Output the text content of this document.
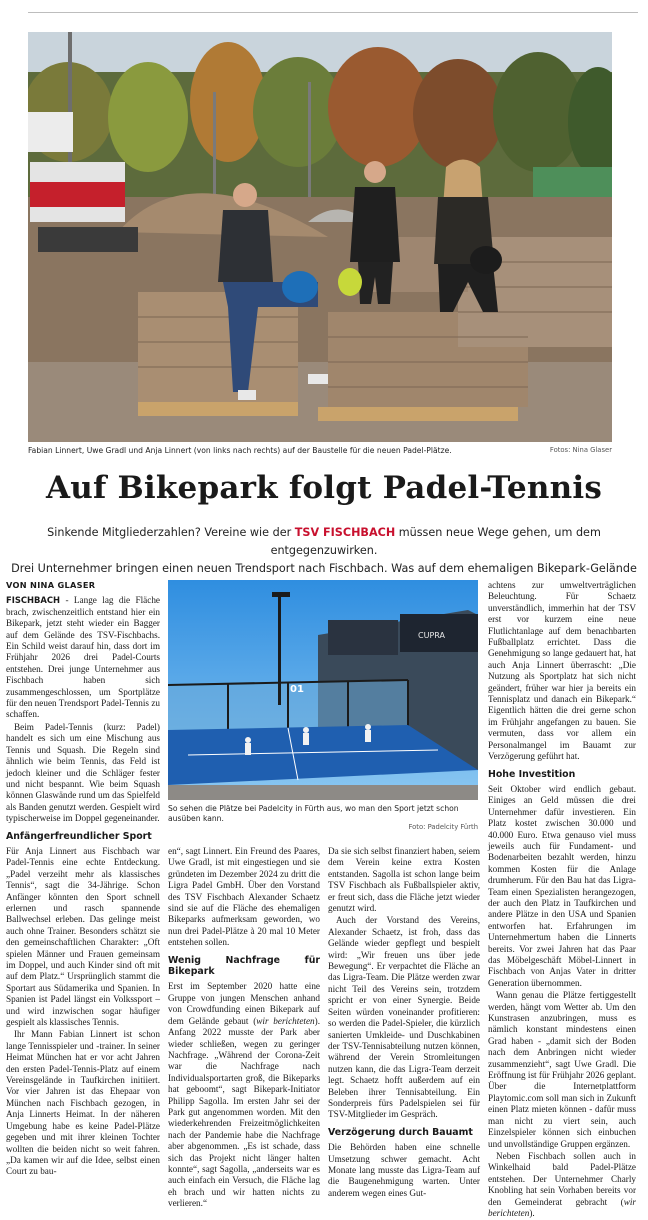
Fabian Linnert, Uwe Gradl und Anja Linnert (von links nach rechts) auf der Baustelle für die neuen Padel-Plätze.	Fotos: Nina Glaser
Auf Bikepark folgt Padel-Tennis
Sinkende Mitgliederzahlen? Vereine wie der TSV FISCHBACH müssen neue Wege gehen, um dem entgegenzuwirken.
Drei Unternehmer bringen einen neuen Trendsport nach Fischbach. Was auf dem ehemaligen Bikepark-Gelände
VON NINA GLASER

FISCHBACH - Lange lag die Fläche brach, zwischenzeitlich entstand hier ein Bikepark, jetzt steht wieder ein Bagger auf dem Gelände des TSV-Fischbachs. Ein Schild weist darauf hin, dass dort im Frühjahr 2026 drei Padel-Courts entstehen. Drei junge Unternehmer aus Fischbach haben sich zusammengeschlossen, um Sportplätze für den neuen Trendsport Padel-Tennis zu schaffen.

Beim Padel-Tennis (kurz: Padel) handelt es sich um eine Mischung aus Tennis und Squash. Die Regeln sind ähnlich wie beim Tennis, das Feld ist jedoch kleiner und die Schläger fester und nicht bespannt. Wie beim Squash können Glaswände rund um das Spielfeld als Banden genutzt werden. Gespielt wird typischerweise im Doppel gegeneinander.

Anfängerfreundlicher Sport

Für Anja Linnert aus Fischbach war Padel-Tennis eine echte Entdeckung. „Padel verzeiht mehr als klassisches Tennis“, sagt die 34-Jährige. Schon Anfänger könnten den Sport schnell erlernen und rasch spannende Ballwechsel erleben. Das gelinge meist auch ohne Trainer. Besonders schätzt sie den gemeinschaftlichen Charakter: „Oft spielen Männer und Frauen gemeinsam im Doppel, und auch Kinder sind oft mit auf dem Platz.“ Ursprünglich stammt die Sportart aus Südamerika und Spanien. In Spanien ist Padel längst ein Volkssport – und wird inzwischen sogar häufiger gespielt als klassisches Tennis.

Ihr Mann Fabian Linnert ist schon lange Tennisspieler und -trainer. In seiner Heimat München hat er vor acht Jahren den ersten Padel-Tennis-Platz auf einem Vereinsgelände in Taufkirchen initiiert. Vor vier Jahren ist das Ehepaar von München nach Fischbach gezogen, in Anja Linnerts Heimat. In der näheren Umgebung habe es keine Padel-Plätze gegeben und mit ihrer kleinen Tochter wollten die beiden nicht so weit fahren. „Da kamen wir auf die Idee, selbst einen Court zu bau-

CUPRA
01
So sehen die Plätze bei Padelcity in Fürth aus, wo man den Sport jetzt schon ausüben kann.
Foto: Padelcity Fürth

en“, sagt Linnert. Ein Freund des Paares, Uwe Gradl, ist mit eingestiegen und sie gründeten im Dezember 2024 zu dritt die Ligra Padel GmbH. Über den Vorstand des TSV Fischbach Alexander Schaetz sind sie auf die Fläche des ehemaligen Bikeparks aufmerksam geworden, wo nun drei Padel-Plätze à 20 mal 10 Meter entstehen sollen.

Wenig Nachfrage für Bikepark

Erst im September 2020 hatte eine Gruppe von jungen Menschen anhand von Crowdfunding einen Bikepark auf dem Gelände gebaut (wir berichteten). Anfang 2022 musste der Park aber wieder schließen, wegen zu geringer Nachfrage. „Während der Corona-Zeit war die Nachfrage nach Individualsportarten groß, die Bikeparks hat geboomt“, sagt Bikepark-Initiator Philipp Sagolla. Im ersten Jahr sei der Park gut angenommen worden. Mit den wiederkehrenden Freizeitmöglichkeiten nach der Pandemie habe die Nachfrage aber abgenommen. „Es ist schade, dass sich das Projekt nicht länger halten konnte“, sagt Sagolla, „anderseits war es auch einfach ein Versuch, die Fläche lag eh brach und wir hatten nichts zu verlieren.“

Da sie sich selbst finanziert haben, seiem dem Verein keine extra Kosten entstanden. Sagolla ist schon lange beim TSV Fischbach als Fußballspieler aktiv, er freut sich, dass die Fläche jetzt wieder genutzt wird.

Auch der Vorstand des Vereins, Alexander Schaetz, ist froh, dass das Gelände wieder gepflegt und bespielt wird: „Wir freuen uns über jede Bewegung“. Er verpachtet die Fläche an das Ligra-Team. Die Plätze werden zwar nicht Teil des Vereins sein, trotzdem spricht er von einer Synergie. Beide Seiten würden voneinander profitieren: so werden die Padel-Spieler, die kürzlich sanierten Umkleide- und Duschkabinen der TSV-Tennisabteilung nutzen können, während der Verein Stromleitungen nutzen kann, die das Ligra-Team derzeit legt. Schaetz hofft außerdem auf ein Beleben ihrer Tennisabteilung. Ein Sonderpreis fürs Padelspielen sei für TSV-Mitglieder im Gespräch.

Verzögerung durch Bauamt

Die Behörden haben eine schnelle Umsetzung schwer gemacht. Acht Monate lang musste das Ligra-Team auf die Baugenehmigung warten. Unter anderem wegen eines Gut-

achtens zur umweltverträglichen Beleuchtung. Für Schaetz unverständlich, immerhin hat der TSV erst vor kurzem eine neue Flutlichtanlage auf dem benachbarten Fußballplatz errichtet. Dass die Genehmigung so lange gedauert hat, hat auch Anja Linnert überrascht: „Die Nutzung als Sportplatz hat sich nicht geändert, früher war hier ja bereits ein Tennisplatz und danach ein Bikepark.“ Eigentlich hätten die drei gerne schon im Frühjahr angefangen zu bauen. Sie vermuten, dass vor allem ein Personalmangel im Bauamt zur Verzögerung geführt hat.

Hohe Investition

Seit Oktober wird endlich gebaut. Einiges an Geld müssen die drei Unternehmer dafür investieren. Ein Platz kostet zwischen 30.000 und 40.000 Euro. Etwa genauso viel muss jeweils auch für Fundament- und Bodenarbeiten bezahlt werden, hinzu kommen Kosten für die Anlage drumherum. Für den Bau hat das Ligra-Team einen Spezialisten herangezogen, der auch den Platz in Taufkirchen und andere Plätze in den USA und Spanien entworfen hat. Erfahrungen im Unternehmertum haben die Linnerts bereits. Vor zwei Jahren hat das Paar das Möbelgeschäft Möbel-Linnert in Fischbach von Anjas Vater in dritter Generation übernommen.

Wann genau die Plätze fertiggestellt werden, hängt vom Wetter ab. Um den Kunstrasen anzubringen, muss es nämlich konstant mindestens einen Grad haben - „damit sich der Boden nach dem Anbringen nicht wieder zusammenzieht“, sagt Uwe Gradl. Die Eröffnung ist für Frühjahr 2026 geplant. Über die Internetplattform Playtomic.com soll man sich in Zukunft einen Platz mieten können - dafür muss man nicht zu viert sein, auch Einzelspieler können sich einbuchen und unvollständige Gruppen ergänzen.

Neben Fischbach sollen auch in Winkelhaid bald Padel-Plätze entstehen. Der Unternehmer Charly Knobling hat sein Vorhaben bereits vor den Gemeinderat gebracht (wir berichteten).
